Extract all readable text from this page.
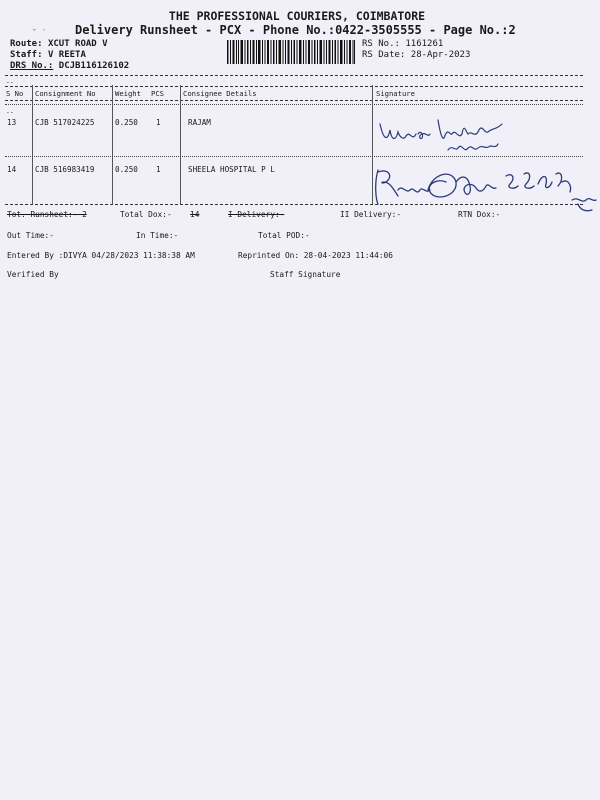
″ ′
THE PROFESSIONAL COURIERS, COIMBATORE
Delivery Runsheet - PCX - Phone No.:0422-3505555 - Page No.:2
Route: XCUT ROAD V
Staff: V REETA
DRS No.: DCJB116126102
RS No.: 1161261
RS Date: 28-Apr-2023
--
S No Consignment No	Weight PCS	Consignee Details	Signature
--
13 CJB 517024225	0.250 1	RAJAM
14 CJB 516983419	0.250 1	SHEELA HOSPITAL P L
Tot. Runsheet:- 2	Total Dox:- 14	I Delivery:-	II Delivery:-	RTN Dox:-
Out Time:-	In Time:-	Total POD:-
Entered By :DIVYA 04/28/2023 11:38:38 AM	Reprinted On: 28-04-2023 11:44:06
Verified By	Staff Signature
